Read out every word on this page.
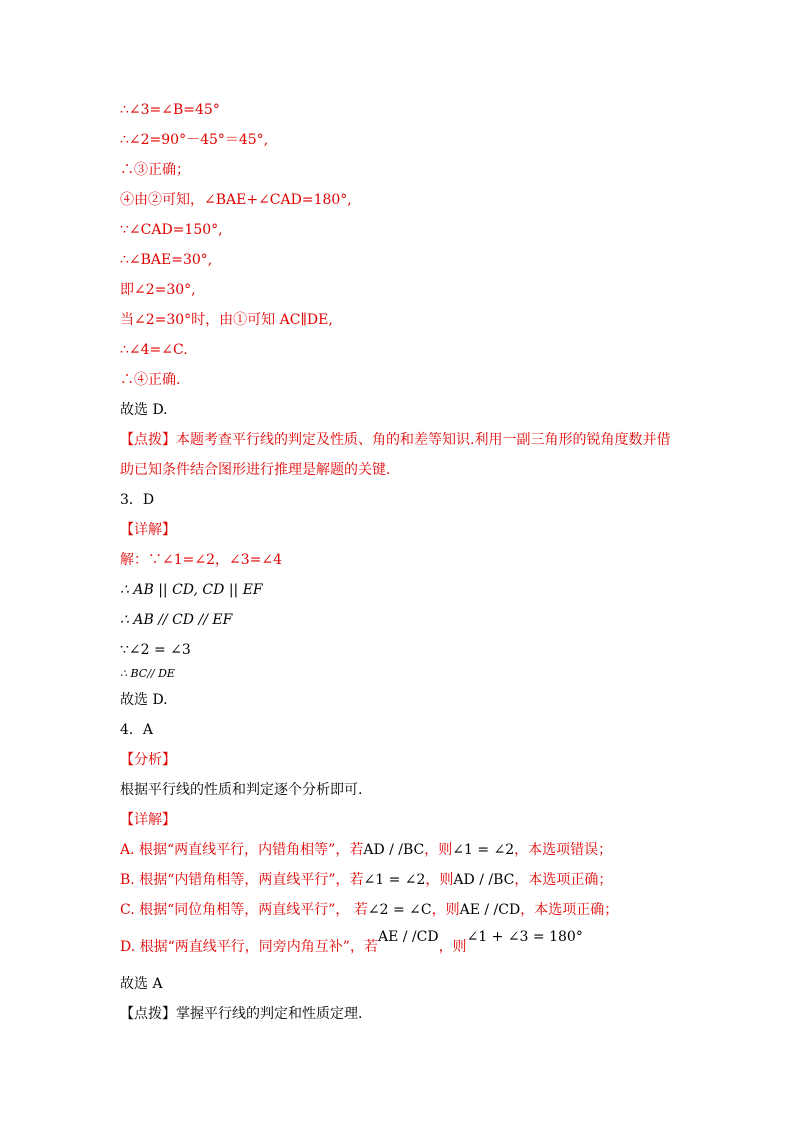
∴∠3=∠B=45°
∴∠2=90°－45°＝45°,
∴③正确；
④由②可知，∠BAE+∠CAD=180°,
∵∠CAD=150°,
∴∠BAE=30°,
即∠2=30°,
当∠2=30°时，由①可知 AC∥DE,
∴∠4=∠C.
∴④正确.
故选 D.
【点拨】本题考查平行线的判定及性质、角的和差等知识.利用一副三角形的锐角度数并借
助已知条件结合图形进行推理是解题的关键.
3．D
【详解】
解：∵∠1=∠2，∠3=∠4
∴ AB || CD, CD || EF
∴ AB // CD // EF
∵∠2 = ∠3
∴ BC// DE
故选 D.
4．A
【分析】
根据平行线的性质和判定逐个分析即可.
【详解】
A. 根据“两直线平行，内错角相等”，若AD / /BC，则∠1 = ∠2，本选项错误；
B. 根据“内错角相等，两直线平行”，若∠1 = ∠2，则AD / /BC，本选项正确；
C. 根据“同位角相等，两直线平行”， 若∠2 = ∠C，则AE / /CD，本选项正确；
D. 根据“两直线平行，同旁内角互补”，若AE / /CD，则∠1 + ∠3 = 180°
故选 A
【点拨】掌握平行线的判定和性质定理.
